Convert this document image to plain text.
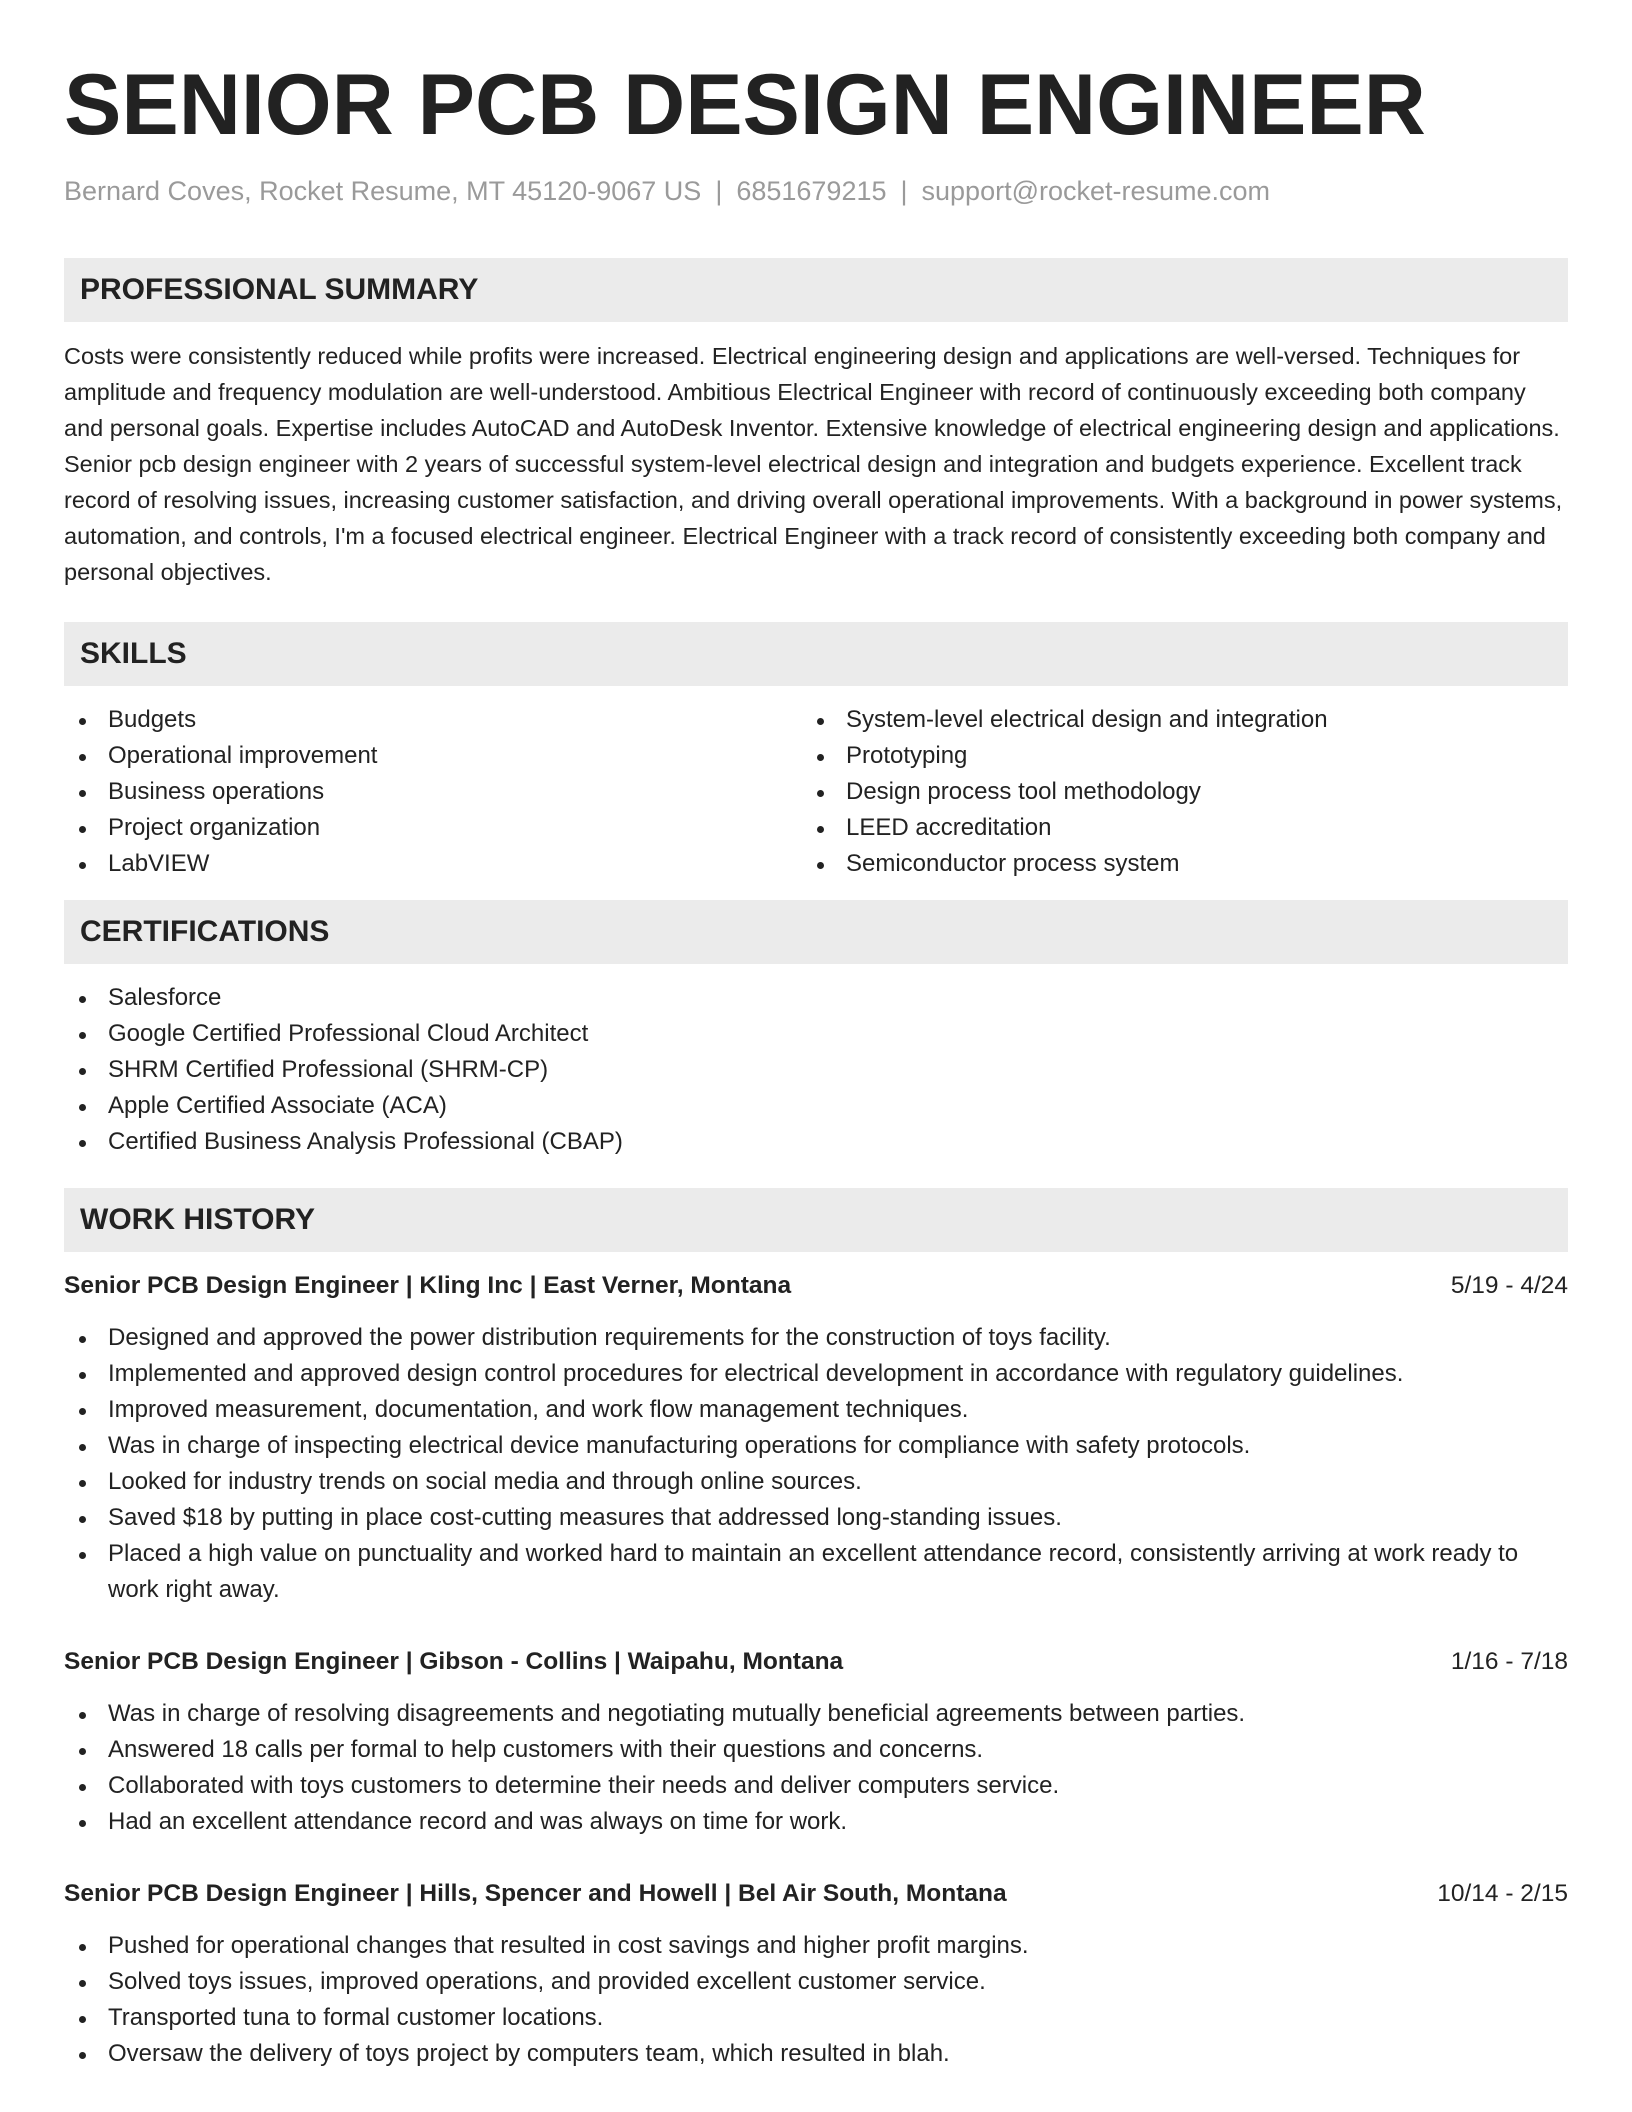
SENIOR PCB DESIGN ENGINEER
Bernard Coves, Rocket Resume, MT 45120-9067 US | 6851679215 | support@rocket-resume.com
PROFESSIONAL SUMMARY

Costs were consistently reduced while profits were increased. Electrical engineering design and applications are well-versed. Techniques for amplitude and frequency modulation are well-understood. Ambitious Electrical Engineer with record of continuously exceeding both company and personal goals. Expertise includes AutoCAD and AutoDesk Inventor. Extensive knowledge of electrical engineering design and applications. Senior pcb design engineer with 2 years of successful system-level electrical design and integration and budgets experience. Excellent track record of resolving issues, increasing customer satisfaction, and driving overall operational improvements. With a background in power systems, automation, and controls, I'm a focused electrical engineer. Electrical Engineer with a track record of consistently exceeding both company and personal objectives.

SKILLS
Budgets
Operational improvement
Business operations
Project organization
LabVIEW
System-level electrical design and integration
Prototyping
Design process tool methodology
LEED accreditation
Semiconductor process system
CERTIFICATIONS
Salesforce
Google Certified Professional Cloud Architect
SHRM Certified Professional (SHRM-CP)
Apple Certified Associate (ACA)
Certified Business Analysis Professional (CBAP)
WORK HISTORY
Senior PCB Design Engineer | Kling Inc | East Verner, Montana	5/19 - 4/24
Designed and approved the power distribution requirements for the construction of toys facility.
Implemented and approved design control procedures for electrical development in accordance with regulatory guidelines.
Improved measurement, documentation, and work flow management techniques.
Was in charge of inspecting electrical device manufacturing operations for compliance with safety protocols.
Looked for industry trends on social media and through online sources.
Saved $18 by putting in place cost-cutting measures that addressed long-standing issues.
Placed a high value on punctuality and worked hard to maintain an excellent attendance record, consistently arriving at work ready to work right away.
Senior PCB Design Engineer | Gibson - Collins | Waipahu, Montana	1/16 - 7/18
Was in charge of resolving disagreements and negotiating mutually beneficial agreements between parties.
Answered 18 calls per formal to help customers with their questions and concerns.
Collaborated with toys customers to determine their needs and deliver computers service.
Had an excellent attendance record and was always on time for work.
Senior PCB Design Engineer | Hills, Spencer and Howell | Bel Air South, Montana	10/14 - 2/15
Pushed for operational changes that resulted in cost savings and higher profit margins.
Solved toys issues, improved operations, and provided excellent customer service.
Transported tuna to formal customer locations.
Oversaw the delivery of toys project by computers team, which resulted in blah.
